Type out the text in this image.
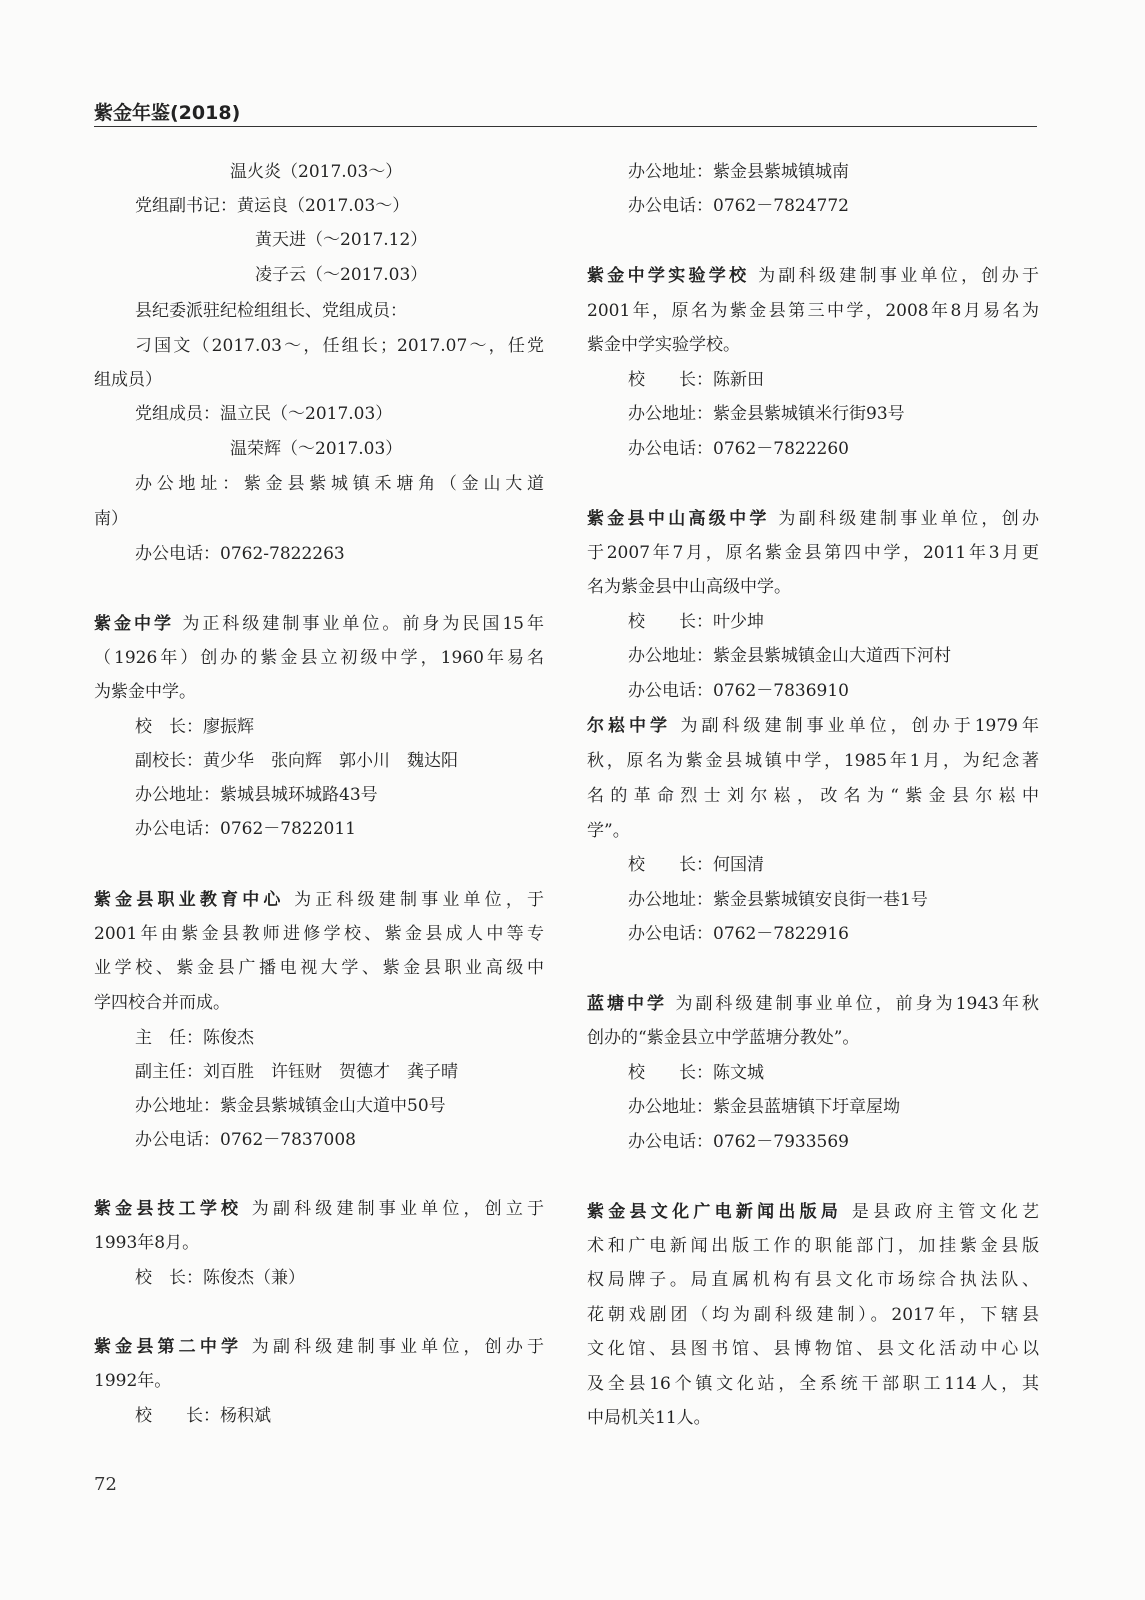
紫金年鉴(2018)
温火炎（2017.03～）
党组副书记：黄运良（2017.03～）
黄天进（～2017.12）
凌子云（～2017.03）
县纪委派驻纪检组组长、党组成员：
刁国文（2017.03～，任组长；2017.07～，任党
组成员）
党组成员：温立民（～2017.03）
温荣辉（～2017.03）
办公地址：紫金县紫城镇禾塘角（金山大道
南）
办公电话：0762-7822263
紫金中学 为正科级建制事业单位。前身为民国15年
（1926年）创办的紫金县立初级中学，1960年易名
为紫金中学。
校　长：廖振辉
副校长：黄少华　张向辉　郭小川　魏达阳
办公地址：紫城县城环城路43号
办公电话：0762－7822011
紫金县职业教育中心 为正科级建制事业单位，于
2001年由紫金县教师进修学校、紫金县成人中等专
业学校、紫金县广播电视大学、紫金县职业高级中
学四校合并而成。
主　任：陈俊杰
副主任：刘百胜　许钰财　贺德才　龚子晴
办公地址：紫金县紫城镇金山大道中50号
办公电话：0762－7837008
紫金县技工学校 为副科级建制事业单位，创立于
1993年8月。
校　长：陈俊杰（兼）
紫金县第二中学 为副科级建制事业单位，创办于
1992年。
校　　长：杨积斌
办公地址：紫金县紫城镇城南
办公电话：0762－7824772
紫金中学实验学校 为副科级建制事业单位，创办于
2001年，原名为紫金县第三中学，2008年8月易名为
紫金中学实验学校。
校　　长：陈新田
办公地址：紫金县紫城镇米行街93号
办公电话：0762－7822260
紫金县中山高级中学 为副科级建制事业单位，创办
于2007年7月，原名紫金县第四中学，2011年3月更
名为紫金县中山高级中学。
校　　长：叶少坤
办公地址：紫金县紫城镇金山大道西下河村
办公电话：0762－7836910
尔崧中学 为副科级建制事业单位，创办于1979年
秋，原名为紫金县城镇中学，1985年1月，为纪念著
名的革命烈士刘尔崧，改名为“紫金县尔崧中
学”。
校　　长：何国清
办公地址：紫金县紫城镇安良街一巷1号
办公电话：0762－7822916
蓝塘中学 为副科级建制事业单位，前身为1943年秋
创办的“紫金县立中学蓝塘分教处”。
校　　长：陈文城
办公地址：紫金县蓝塘镇下圩章屋坳
办公电话：0762－7933569
紫金县文化广电新闻出版局 是县政府主管文化艺
术和广电新闻出版工作的职能部门，加挂紫金县版
权局牌子。局直属机构有县文化市场综合执法队、
花朝戏剧团（均为副科级建制）。2017年，下辖县
文化馆、县图书馆、县博物馆、县文化活动中心以
及全县16个镇文化站，全系统干部职工114人，其
中局机关11人。
72
